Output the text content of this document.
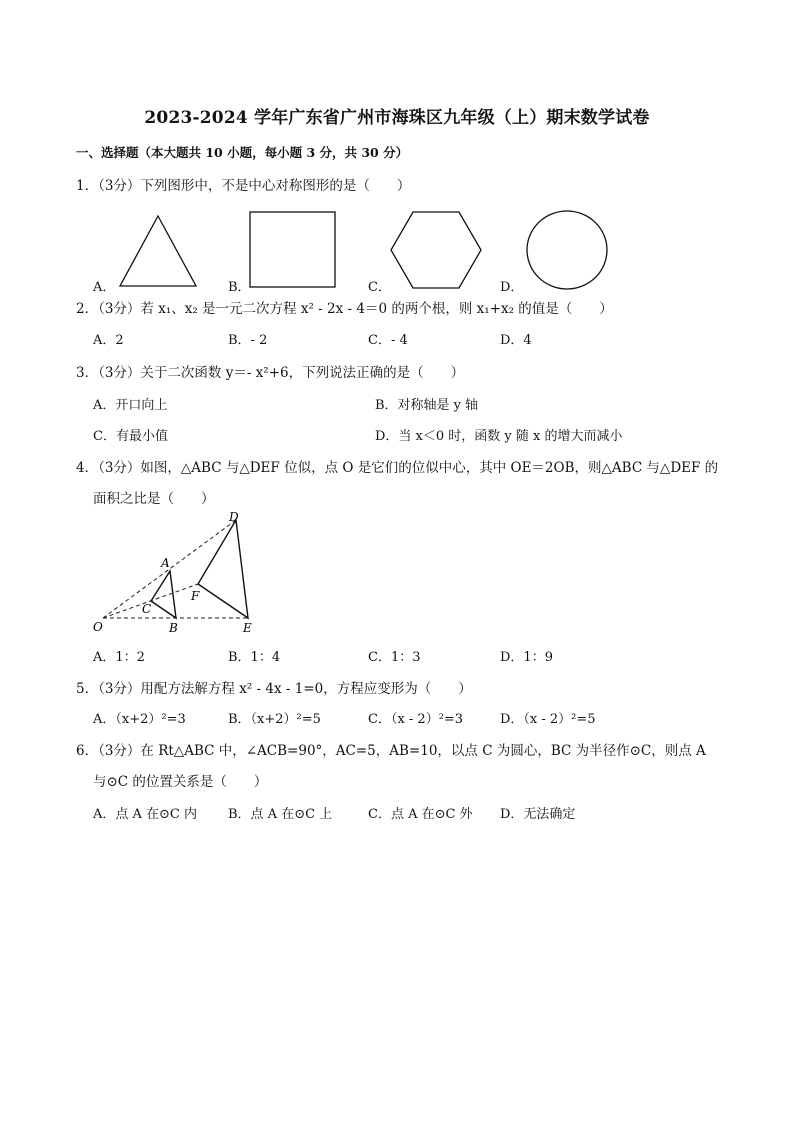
2023-2024 学年广东省广州市海珠区九年级（上）期末数学试卷
一、选择题（本大题共 10 小题，每小题 3 分，共 30 分）
1．（3分）下列图形中，不是中心对称图形的是（　　）
A．	B．	C．	D．
2．（3分）若 x₁、x₂ 是一元二次方程 x² - 2x - 4＝0 的两个根，则 x₁+x₂ 的值是（　　）
A．2	B．- 2	C．- 4	D．4
3．（3分）关于二次函数 y＝- x²+6，下列说法正确的是（　　）
A．开口向上	B．对称轴是 y 轴
C．有最小值	D．当 x＜0 时，函数 y 随 x 的增大而减小
4．（3分）如图，△ABC 与△DEF 位似，点 O 是它们的位似中心，其中 OE＝2OB，则△ABC 与△DEF 的
面积之比是（　　）
D
A
F
C
O	B	E
A．1：2	B．1：4	C．1：3	D．1：9
5．（3分）用配方法解方程 x² - 4x - 1=0，方程应变形为（　　）
A．（x+2）²=3	B．（x+2）²=5	C．（x - 2）²=3	D．（x - 2）²=5
6．（3分）在 Rt△ABC 中，∠ACB=90°，AC=5，AB=10，以点 C 为圆心，BC 为半径作⊙C，则点 A
与⊙C 的位置关系是（　　）
A．点 A 在⊙C 内 B．点 A 在⊙C 上	C．点 A 在⊙C 外 D．无法确定
